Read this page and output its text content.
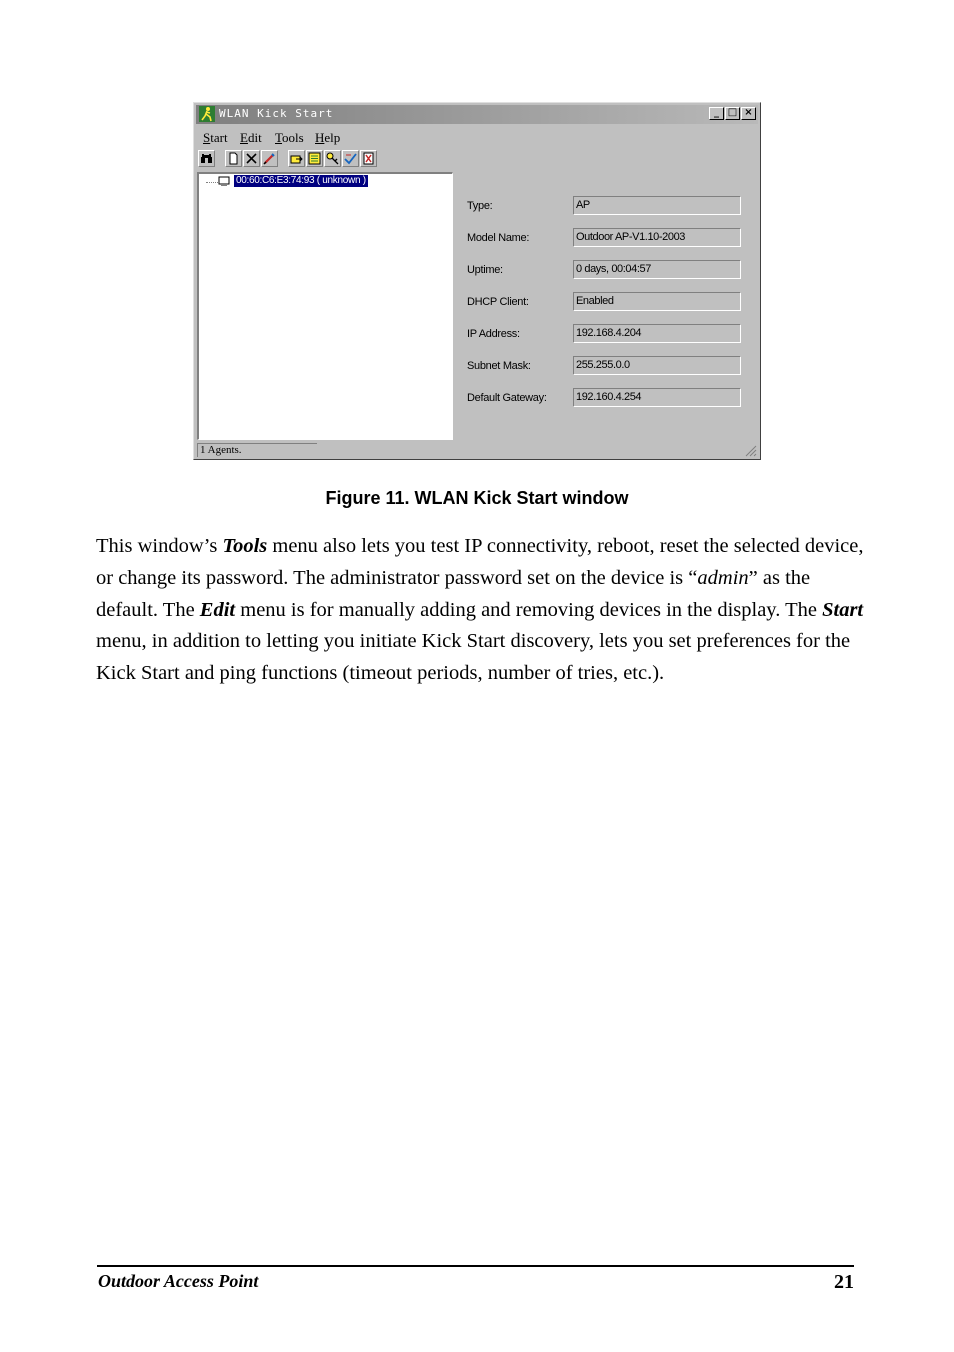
WLAN Kick Start	_ □ ×
Start Edit Tools Help
00:60:C6:E3:74:93 ( unknown )
Type:	AP
Model Name:	Outdoor AP-V1.10-2003
Uptime:	0 days, 00:04:57
DHCP Client:	Enabled
IP Address:	192.168.4.204
Subnet Mask:	255.255.0.0
Default Gateway:	192.160.4.254
1 Agents.
Figure 11. WLAN Kick Start window

This window’s Tools menu also lets you test IP connectivity, reboot, reset the selected device, or change its password. The administrator password set on the device is “admin” as the default. The Edit menu is for manually adding and removing devices in the display. The Start menu, in addition to letting you initiate Kick Start discovery, lets you set preferences for the Kick Start and ping functions (timeout periods, number of tries, etc.).

Outdoor Access Point	21
